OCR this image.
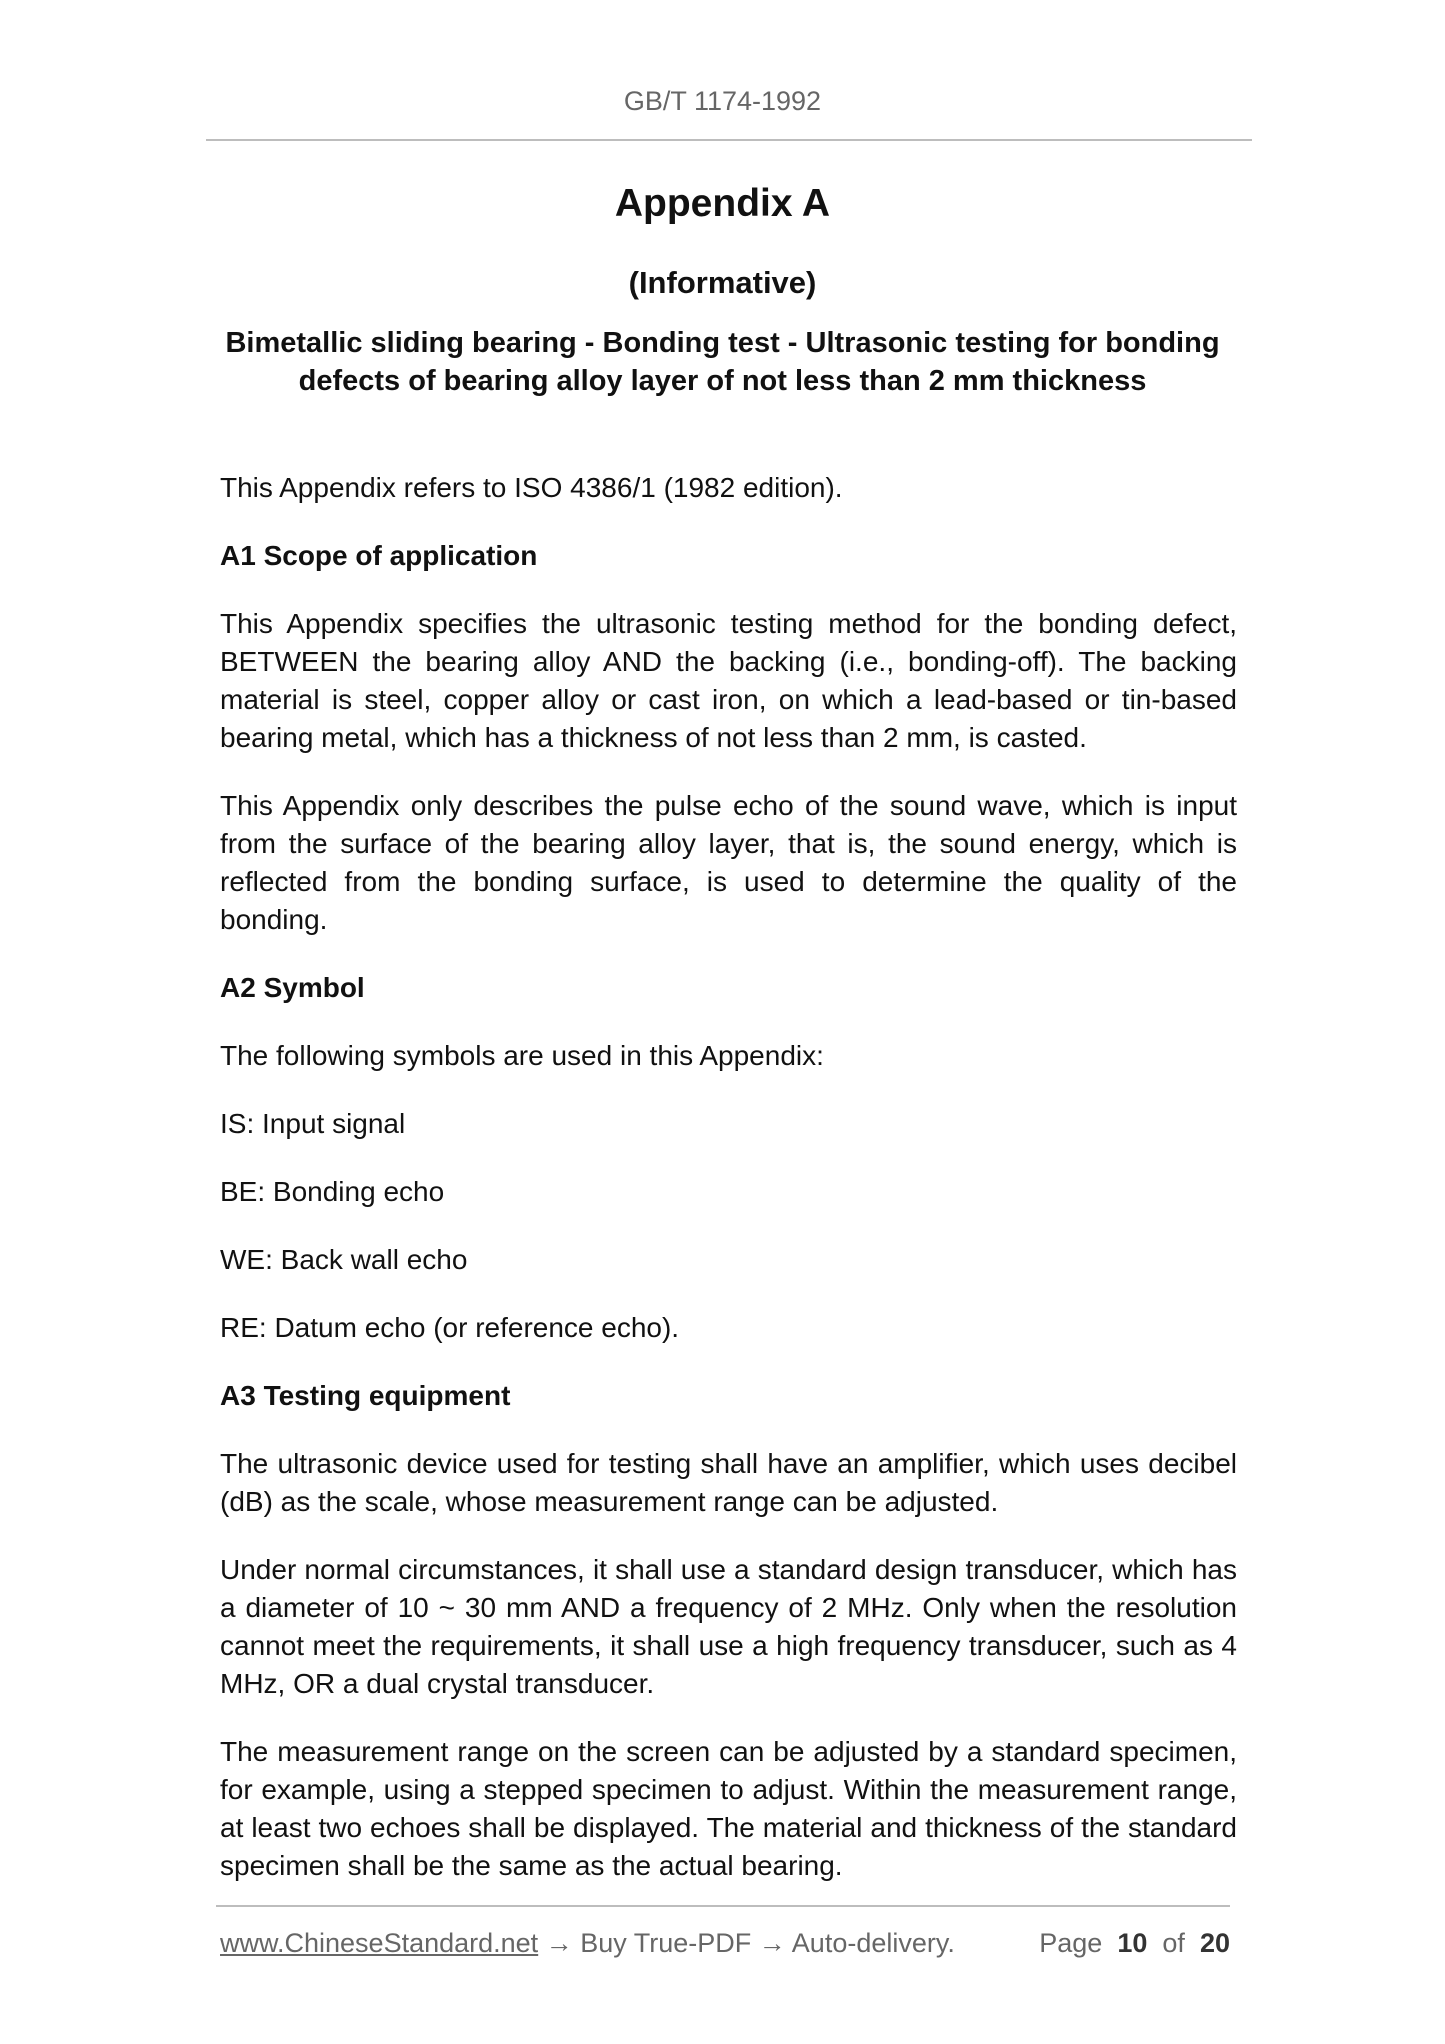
GB/T 1174-1992
Appendix A
(Informative)
Bimetallic sliding bearing - Bonding test - Ultrasonic testing for bonding defects of bearing alloy layer of not less than 2 mm thickness

This Appendix refers to ISO 4386/1 (1982 edition).

A1 Scope of application

This Appendix specifies the ultrasonic testing method for the bonding defect, BETWEEN the bearing alloy AND the backing (i.e., bonding-off). The backing material is steel, copper alloy or cast iron, on which a lead-based or tin-based bearing metal, which has a thickness of not less than 2 mm, is casted.

This Appendix only describes the pulse echo of the sound wave, which is input from the surface of the bearing alloy layer, that is, the sound energy, which is reflected from the bonding surface, is used to determine the quality of the bonding.

A2 Symbol

The following symbols are used in this Appendix:

IS: Input signal

BE: Bonding echo

WE: Back wall echo

RE: Datum echo (or reference echo).

A3 Testing equipment

The ultrasonic device used for testing shall have an amplifier, which uses decibel (dB) as the scale, whose measurement range can be adjusted.

Under normal circumstances, it shall use a standard design transducer, which has a diameter of 10 ~ 30 mm AND a frequency of 2 MHz. Only when the resolution cannot meet the requirements, it shall use a high frequency transducer, such as 4 MHz, OR a dual crystal transducer.

The measurement range on the screen can be adjusted by a standard specimen, for example, using a stepped specimen to adjust. Within the measurement range, at least two echoes shall be displayed. The material and thickness of the standard specimen shall be the same as the actual bearing.

www.ChineseStandard.net → Buy True-PDF → Auto-delivery.	Page 10 of 20
